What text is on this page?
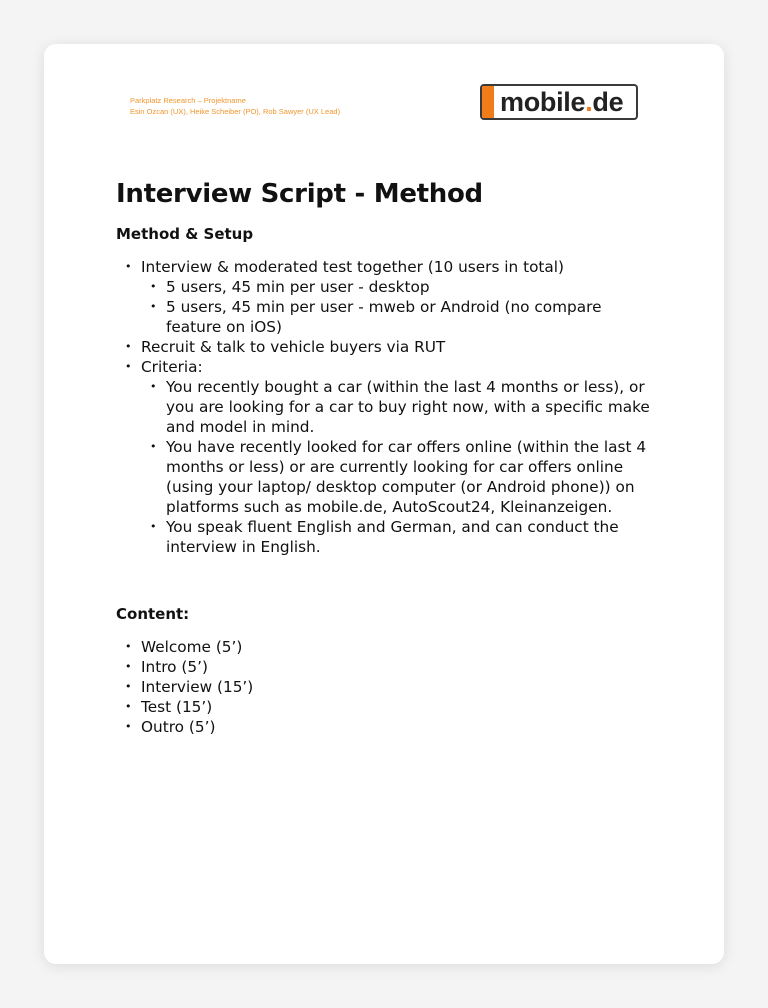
Parkplatz Research – Projektname
Esin Ozcan (UX), Heike Scheiber (PO), Rob Sawyer (UX Lead)	mobile.de
Interview Script - Method
Method & Setup
• Interview & moderated test together (10 users in total)
• 5 users, 45 min per user - desktop
• 5 users, 45 min per user - mweb or Android (no compare feature on iOS)
• Recruit & talk to vehicle buyers via RUT
• Criteria:
• You recently bought a car (within the last 4 months or less), or you are looking for a car to buy right now, with a specific make and model in mind.
• You have recently looked for car offers online (within the last 4 months or less) or are currently looking for car offers online (using your laptop/ desktop computer (or Android phone)) on platforms such as mobile.de, AutoScout24, Kleinanzeigen.
• You speak fluent English and German, and can conduct the interview in English.
Content:
• Welcome (5’)
• Intro (5’)
• Interview (15’)
• Test (15’)
• Outro (5’)
